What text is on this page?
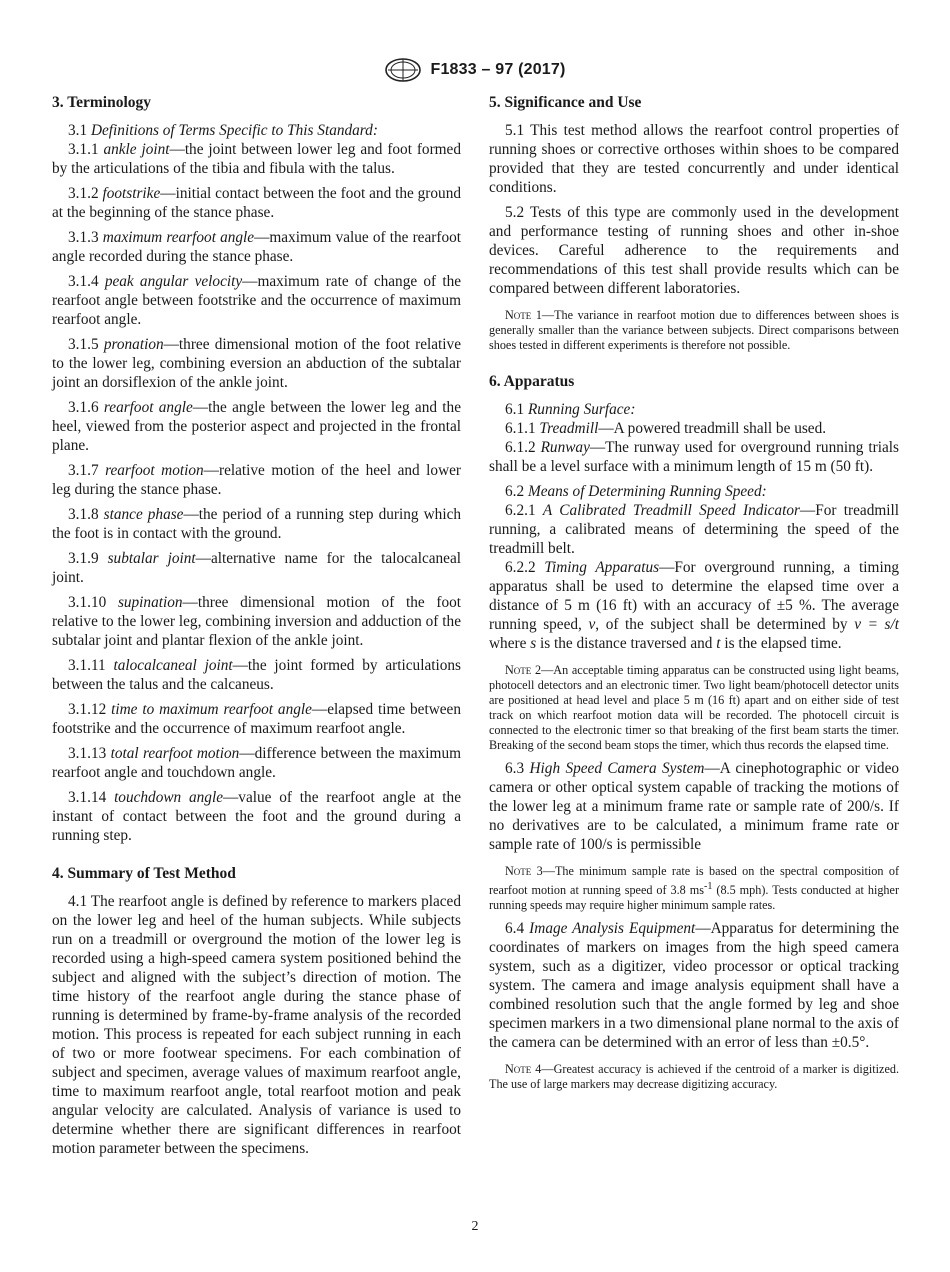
F1833 – 97 (2017)
3. Terminology

3.1 Definitions of Terms Specific to This Standard:

3.1.1 ankle joint—the joint between lower leg and foot formed by the articulations of the tibia and fibula with the talus.

3.1.2 footstrike—initial contact between the foot and the ground at the beginning of the stance phase.

3.1.3 maximum rearfoot angle—maximum value of the rearfoot angle recorded during the stance phase.

3.1.4 peak angular velocity—maximum rate of change of the rearfoot angle between footstrike and the occurrence of maximum rearfoot angle.

3.1.5 pronation—three dimensional motion of the foot relative to the lower leg, combining eversion an abduction of the subtalar joint an dorsiflexion of the ankle joint.

3.1.6 rearfoot angle—the angle between the lower leg and the heel, viewed from the posterior aspect and projected in the frontal plane.

3.1.7 rearfoot motion—relative motion of the heel and lower leg during the stance phase.

3.1.8 stance phase—the period of a running step during which the foot is in contact with the ground.

3.1.9 subtalar joint—alternative name for the talocalcaneal joint.

3.1.10 supination—three dimensional motion of the foot relative to the lower leg, combining inversion and adduction of the subtalar joint and plantar flexion of the ankle joint.

3.1.11 talocalcaneal joint—the joint formed by articulations between the talus and the calcaneus.

3.1.12 time to maximum rearfoot angle—elapsed time between footstrike and the occurrence of maximum rearfoot angle.

3.1.13 total rearfoot motion—difference between the maximum rearfoot angle and touchdown angle.

3.1.14 touchdown angle—value of the rearfoot angle at the instant of contact between the foot and the ground during a running step.

4. Summary of Test Method

4.1 The rearfoot angle is defined by reference to markers placed on the lower leg and heel of the human subjects. While subjects run on a treadmill or overground the motion of the lower leg is recorded using a high-speed camera system positioned behind the subject and aligned with the subject’s direction of motion. The time history of the rearfoot angle during the stance phase of running is determined by frame-by-frame analysis of the recorded motion. This process is repeated for each subject running in each of two or more footwear specimens. For each combination of subject and specimen, average values of maximum rearfoot angle, time to maximum rearfoot angle, total rearfoot motion and peak angular velocity are calculated. Analysis of variance is used to determine whether there are significant differences in rearfoot motion parameter between the specimens.

5. Significance and Use

5.1 This test method allows the rearfoot control properties of running shoes or corrective orthoses within shoes to be compared provided that they are tested concurrently and under identical conditions.

5.2 Tests of this type are commonly used in the development and performance testing of running shoes and other in-shoe devices. Careful adherence to the requirements and recommendations of this test shall provide results which can be compared between different laboratories.

Note 1—The variance in rearfoot motion due to differences between shoes is generally smaller than the variance between subjects. Direct comparisons between shoes tested in different experiments is therefore not possible.

6. Apparatus

6.1 Running Surface:

6.1.1 Treadmill—A powered treadmill shall be used.

6.1.2 Runway—The runway used for overground running trials shall be a level surface with a minimum length of 15 m (50 ft).

6.2 Means of Determining Running Speed:

6.2.1 A Calibrated Treadmill Speed Indicator—For treadmill running, a calibrated means of determining the speed of the treadmill belt.

6.2.2 Timing Apparatus—For overground running, a timing apparatus shall be used to determine the elapsed time over a distance of 5 m (16 ft) with an accuracy of ±5 %. The average running speed, v, of the subject shall be determined by v = s/t where s is the distance traversed and t is the elapsed time.

Note 2—An acceptable timing apparatus can be constructed using light beams, photocell detectors and an electronic timer. Two light beam/photocell detector units are positioned at head level and place 5 m (16 ft) apart and on either side of test track on which rearfoot motion data will be recorded. The photocell circuit is connected to the electronic timer so that breaking of the first beam starts the timer. Breaking of the second beam stops the timer, which thus records the elapsed time.

6.3 High Speed Camera System—A cinephotographic or video camera or other optical system capable of tracking the motions of the lower leg at a minimum frame rate or sample rate of 200/s. If no derivatives are to be calculated, a minimum frame rate or sample rate of 100/s is permissible

Note 3—The minimum sample rate is based on the spectral composition of rearfoot motion at running speed of 3.8 $ms^{-1}$ (8.5 mph). Tests conducted at higher running speeds may require higher minimum sample rates.

6.4 Image Analysis Equipment—Apparatus for determining the coordinates of markers on images from the high speed camera system, such as a digitizer, video processor or optical tracking system. The camera and image analysis equipment shall have a combined resolution such that the angle formed by leg and shoe specimen markers in a two dimensional plane normal to the axis of the camera can be determined with an error of less than ±0.5°.

Note 4—Greatest accuracy is achieved if the centroid of a marker is digitized. The use of large markers may decrease digitizing accuracy.

2
